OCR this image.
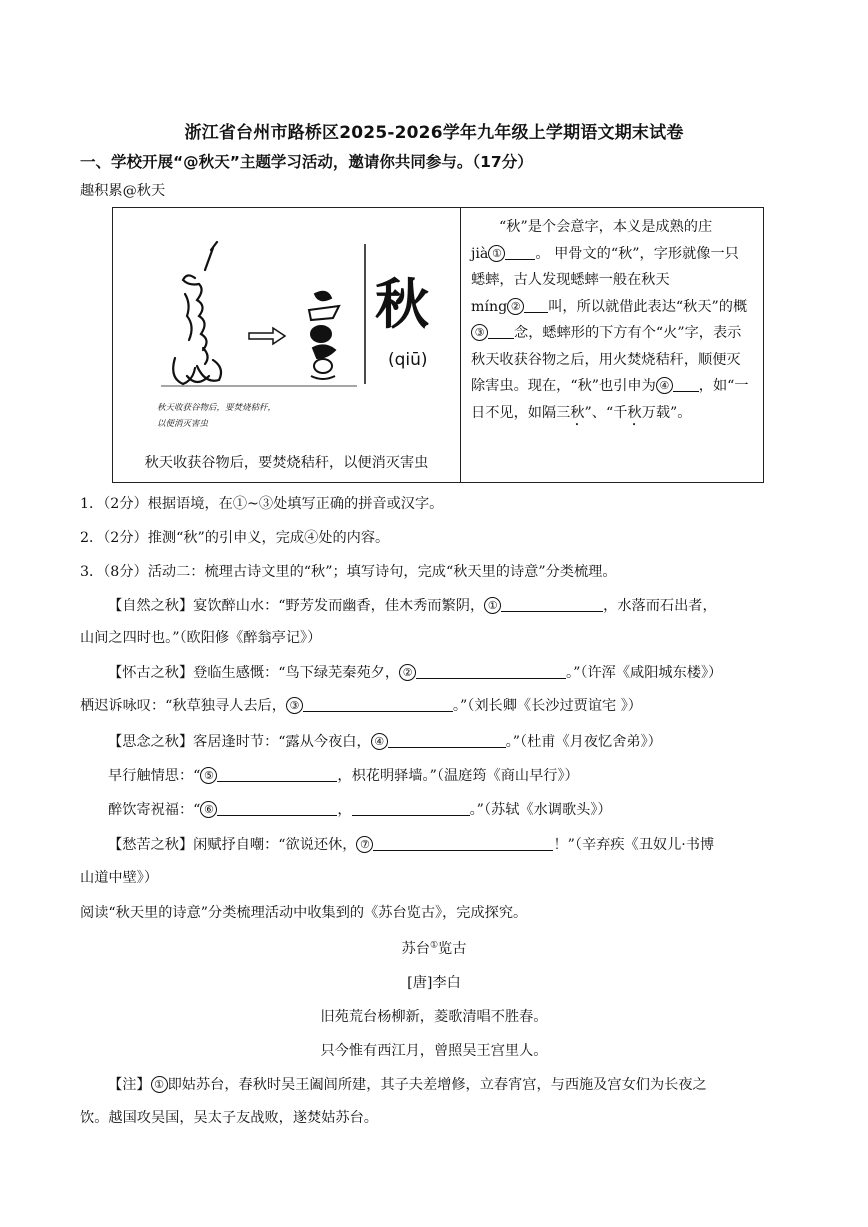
浙江省台州市路桥区2025-2026学年九年级上学期语文期末试卷
一、学校开展“@秋天”主题学习活动，邀请你共同参与。（17分）
趣积累@秋天
秋天收获谷物后，要焚烧秸秆，
以便消灭害虫
秋
(qiū)
秋天收获谷物后，要焚烧秸秆，以便消灭害虫
“秋”是个会意字，本义是成熟的庄
jià ① 。 甲骨文的“秋”，字形就像一只
蟋蟀，古人发现蟋蟀一般在秋天
míng ② 叫，所以就借此表达“秋天”的概
③ 念，蟋蟀形的下方有个“火”字，表示
秋天收获谷物之后，用火焚烧秸秆，顺便灭
除害虫。现在，“秋”也引申为 ④ ，如“一
日不见，如隔三秋”、“千秋万载”。
1．（2分）根据语境，在①~③处填写正确的拼音或汉字。
2．（2分）推测“秋”的引申义，完成④处的内容。
3．（8分）活动二：梳理古诗文里的“秋”；填写诗句，完成“秋天里的诗意”分类梳理。
【自然之秋】宴饮醉山水：“野芳发而幽香，佳木秀而繁阴， ①	，水落而石出者，
山间之四时也。”（欧阳修《醉翁亭记》）
【怀古之秋】登临生感慨：“鸟下绿芜秦苑夕， ②	。”（许浑《咸阳城东楼》）
栖迟诉咏叹：“秋草独寻人去后， ③	。”（刘长卿《长沙过贾谊宅 》）
【思念之秋】客居逢时节：“露从今夜白， ④	。”（杜甫《月夜忆舍弟》）
早行触情思：“ ⑤	，枳花明驿墙。”（温庭筠《商山早行》）
醉饮寄祝福：“ ⑥	，	。”（苏轼《水调歌头》）
【愁苦之秋】闲赋抒自嘲：“欲说还休， ⑦	！”（辛弃疾《丑奴儿·书博
山道中壁》）
阅读“秋天里的诗意”分类梳理活动中收集到的《苏台览古》，完成探究。
苏台①览古
[唐]李白
旧苑荒台杨柳新，菱歌清唱不胜春。
只今惟有西江月，曾照吴王宫里人。
【注】 ① 即姑苏台，春秋时吴王阖闾所建，其子夫差增修，立春宵宫，与西施及宫女们为长夜之
饮。越国攻吴国，吴太子友战败，遂焚姑苏台。
